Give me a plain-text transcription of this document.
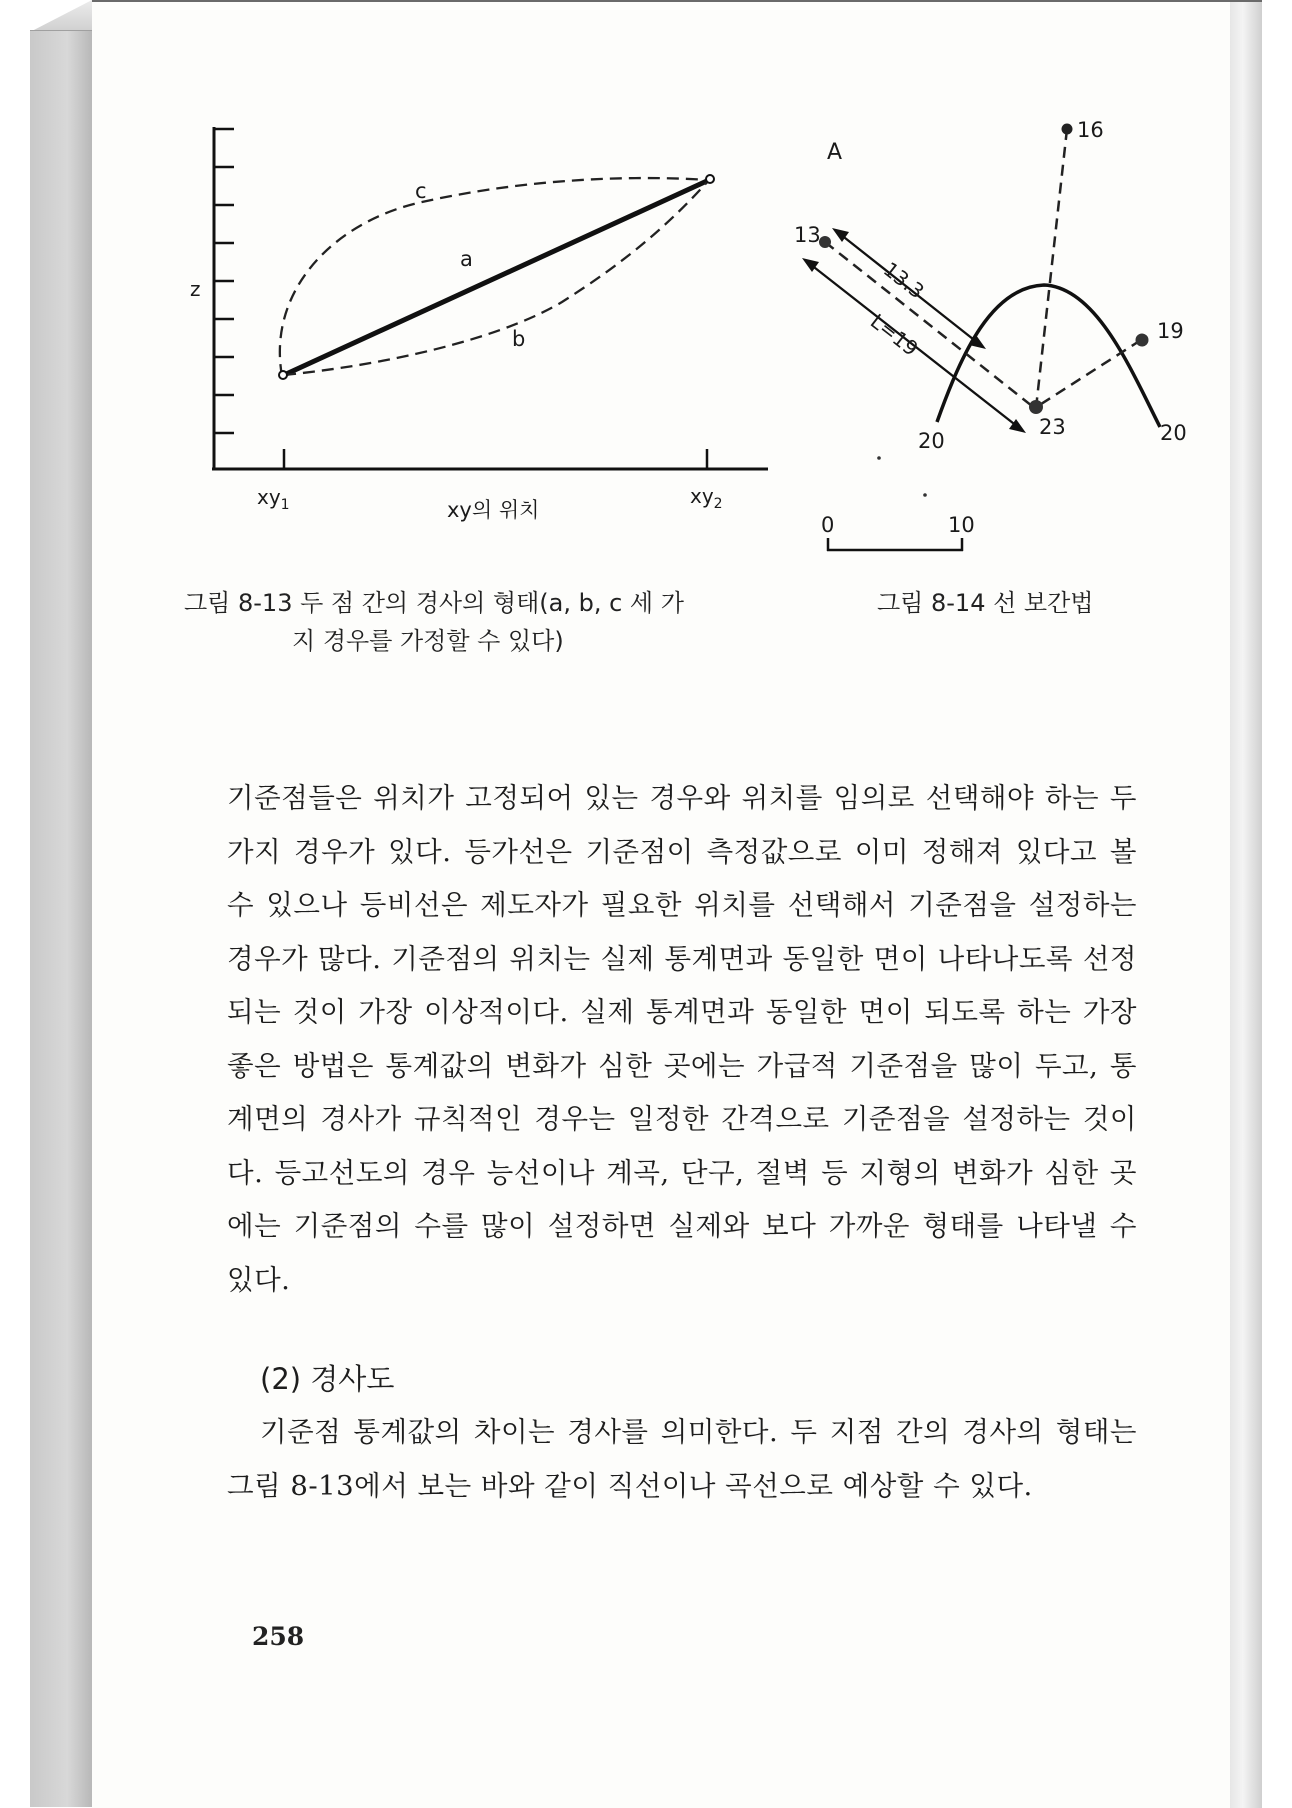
z
a
b
c
$xy_1$	$xy_2$
xy의 위치
A
16
13
19
23
20	20
13.3
L=19
0	10
그림 8-13 두 점 간의 경사의 형태(a, b, c 세 가
지 경우를 가정할 수 있다)
그림 8-14 선 보간법
기준점들은 위치가 고정되어 있는 경우와 위치를 임의로 선택해야 하는 두 가지 경우가 있다. 등가선은 기준점이 측정값으로 이미 정해져 있다고 볼 수 있으나 등비선은 제도자가 필요한 위치를 선택해서 기준점을 설정하는 경우가 많다. 기준점의 위치는 실제 통계면과 동일한 면이 나타나도록 선정되는 것이 가장 이상적이다. 실제 통계면과 동일한 면이 되도록 하는 가장 좋은 방법은 통계값의 변화가 심한 곳에는 가급적 기준점을 많이 두고, 통계면의 경사가 규칙적인 경우는 일정한 간격으로 기준점을 설정하는 것이다. 등고선도의 경우 능선이나 계곡, 단구, 절벽 등 지형의 변화가 심한 곳에는 기준점의 수를 많이 설정하면 실제와 보다 가까운 형태를 나타낼 수 있다.
(2) 경사도
기준점 통계값의 차이는 경사를 의미한다. 두 지점 간의 경사의 형태는 그림 8-13에서 보는 바와 같이 직선이나 곡선으로 예상할 수 있다.
258
